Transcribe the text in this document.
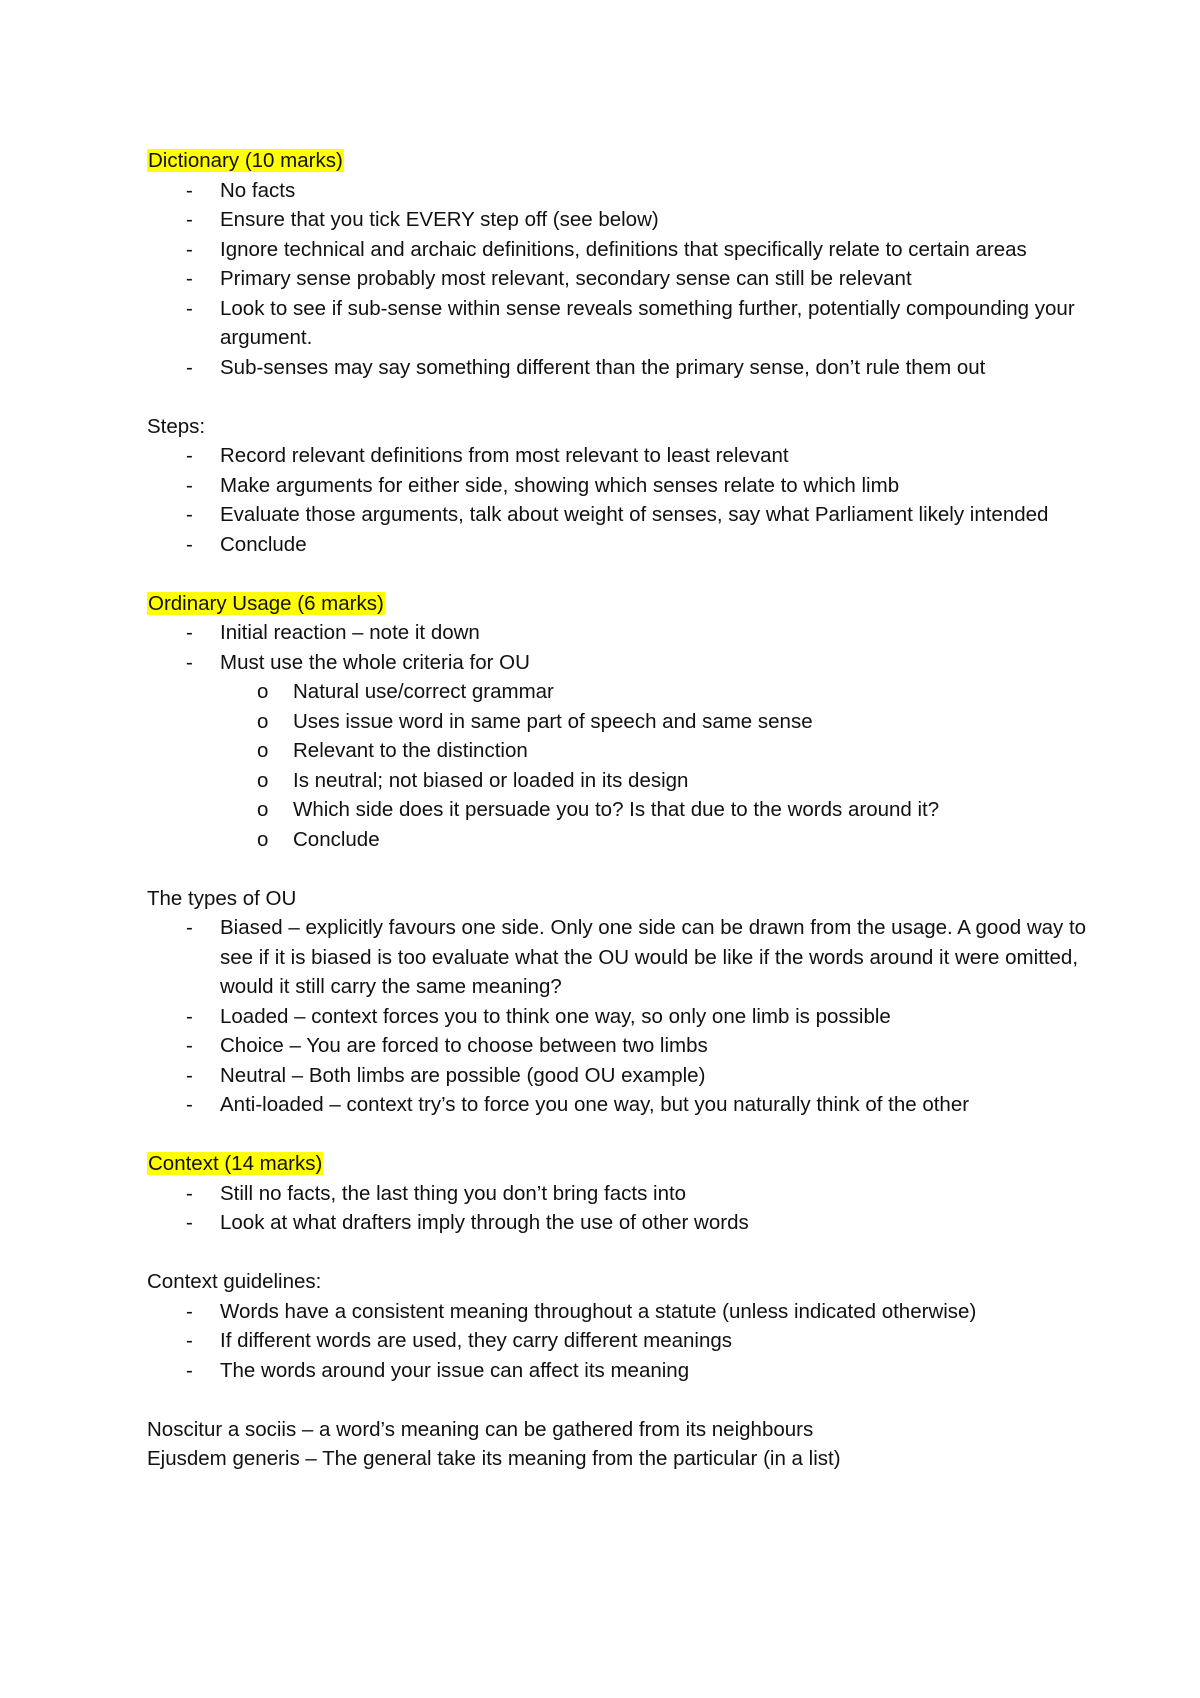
Dictionary (10 marks)

- No facts
- Ensure that you tick EVERY step off (see below)
- Ignore technical and archaic definitions, definitions that specifically relate to certain areas
- Primary sense probably most relevant, secondary sense can still be relevant
- Look to see if sub-sense within sense reveals something further, potentially compounding your argument.
- Sub-senses may say something different than the primary sense, don’t rule them out

Steps:

- Record relevant definitions from most relevant to least relevant
- Make arguments for either side, showing which senses relate to which limb
- Evaluate those arguments, talk about weight of senses, say what Parliament likely intended
- Conclude

Ordinary Usage (6 marks)

- Initial reaction – note it down
- Must use the whole criteria for OU
o Natural use/correct grammar
o Uses issue word in same part of speech and same sense
o Relevant to the distinction
o Is neutral; not biased or loaded in its design
o Which side does it persuade you to? Is that due to the words around it?
o Conclude

The types of OU

- Biased – explicitly favours one side. Only one side can be drawn from the usage. A good way to see if it is biased is too evaluate what the OU would be like if the words around it were omitted, would it still carry the same meaning?
- Loaded – context forces you to think one way, so only one limb is possible
- Choice – You are forced to choose between two limbs
- Neutral – Both limbs are possible (good OU example)
- Anti-loaded – context try’s to force you one way, but you naturally think of the other

Context (14 marks)

- Still no facts, the last thing you don’t bring facts into
- Look at what drafters imply through the use of other words

Context guidelines:

- Words have a consistent meaning throughout a statute (unless indicated otherwise)
- If different words are used, they carry different meanings
- The words around your issue can affect its meaning

Noscitur a sociis – a word’s meaning can be gathered from its neighbours

Ejusdem generis – The general take its meaning from the particular (in a list)
